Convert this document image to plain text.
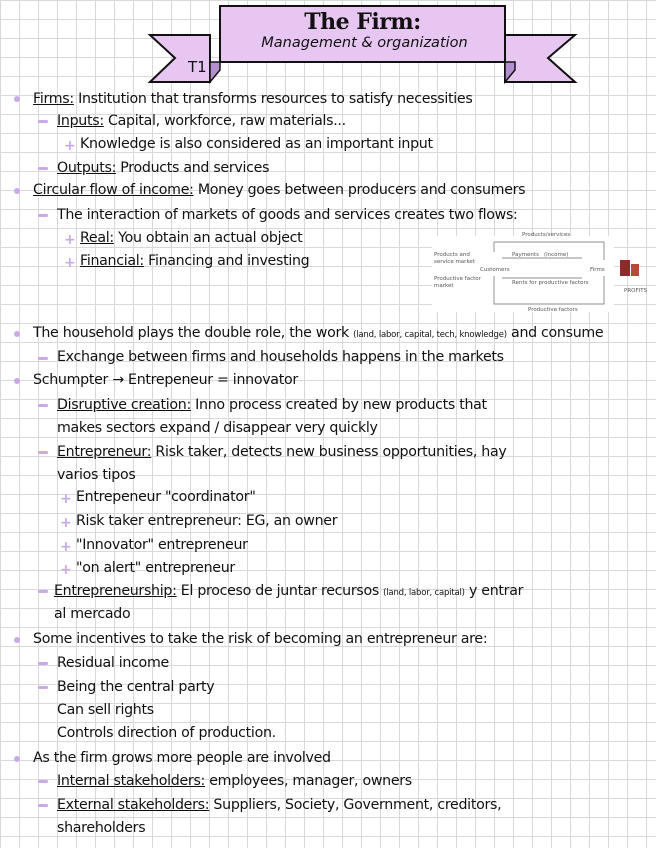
The Firm:
Management & organization
T1
Firms: Institution that transforms resources to satisfy necessities
Inputs: Capital, workforce, raw materials...
+ Knowledge is also considered as an important input
Outputs: Products and services
Circular flow of income: Money goes between producers and consumers
The interaction of markets of goods and services creates two flows:
+ Real: You obtain an actual object
+ Financial: Financing and investing
Products/services
Products and service market
Productive factor market
Customers
Payments (income)
Firms
Rents for productive factors
Productive factors
PROFITS
The household plays the double role, the work (land, labor, capital, tech, knowledge) and consume
Exchange between firms and households happens in the markets
Schumpter → Entrepeneur = innovator
Disruptive creation: Inno process created by new products that
makes sectors expand / disappear very quickly
Entrepreneur: Risk taker, detects new business opportunities, hay
varios tipos
+ Entrepeneur "coordinator"
+ Risk taker entrepreneur: EG, an owner
+ "Innovator" entrepreneur
+ "on alert" entrepreneur
Entrepreneurship: El proceso de juntar recursos (land, labor, capital) y entrar
al mercado
Some incentives to take the risk of becoming an entrepreneur are:
Residual income
Being the central party
Can sell rights
Controls direction of production.
As the firm grows more people are involved
Internal stakeholders: employees, manager, owners
External stakeholders: Suppliers, Society, Government, creditors,
shareholders
